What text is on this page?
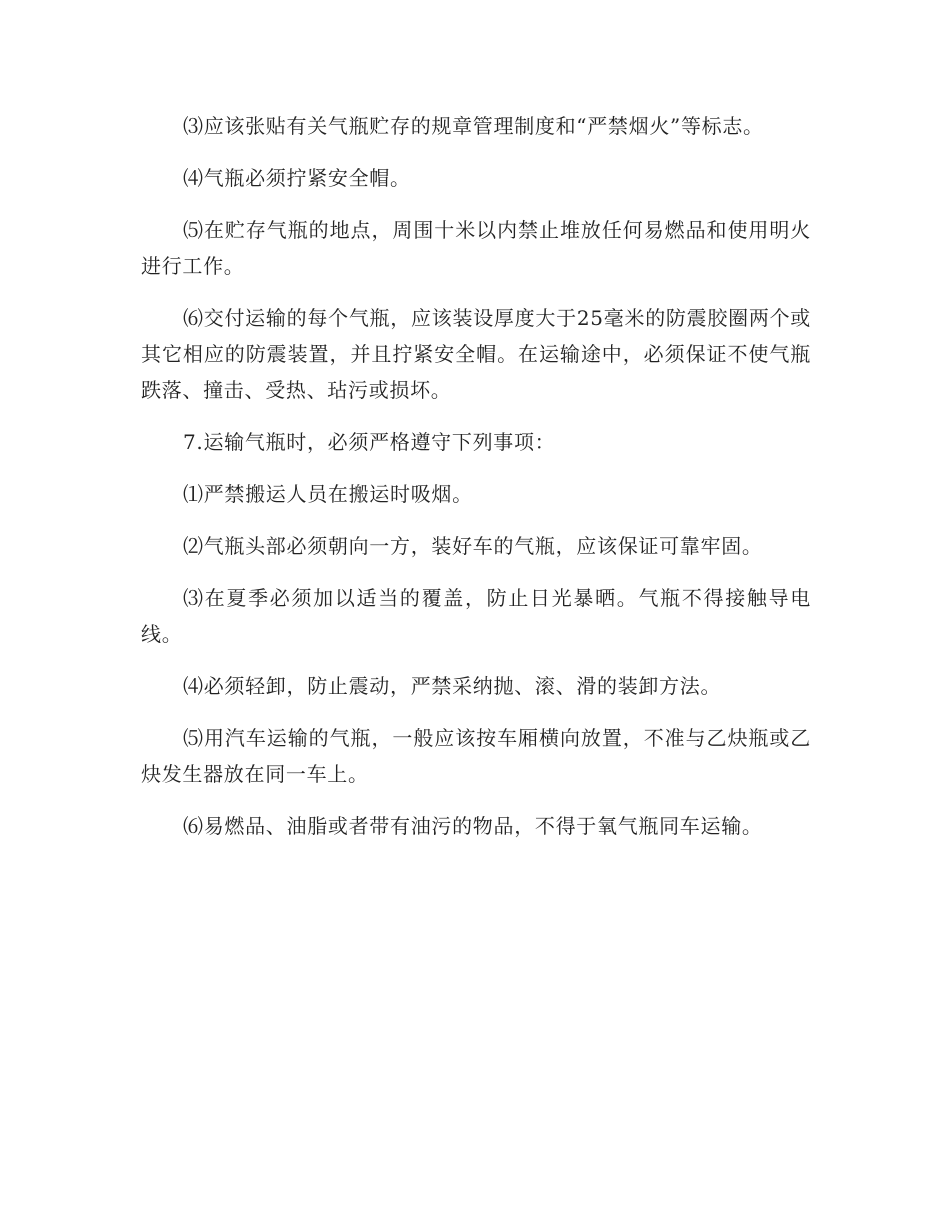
⑶应该张贴有关气瓶贮存的规章管理制度和“严禁烟火”等标志。

⑷气瓶必须拧紧安全帽。

⑸在贮存气瓶的地点，周围十米以内禁止堆放任何易燃品和使用明火进行工作。

⑹交付运输的每个气瓶，应该装设厚度大于25毫米的防震胶圈两个或其它相应的防震装置，并且拧紧安全帽。在运输途中，必须保证不使气瓶跌落、撞击、受热、玷污或损坏。

7.运输气瓶时，必须严格遵守下列事项：

⑴严禁搬运人员在搬运时吸烟。

⑵气瓶头部必须朝向一方，装好车的气瓶，应该保证可靠牢固。

⑶在夏季必须加以适当的覆盖，防止日光暴晒。气瓶不得接触导电线。

⑷必须轻卸，防止震动，严禁采纳抛、滚、滑的装卸方法。

⑸用汽车运输的气瓶，一般应该按车厢横向放置，不准与乙炔瓶或乙炔发生器放在同一车上。

⑹易燃品、油脂或者带有油污的物品，不得于氧气瓶同车运输。
